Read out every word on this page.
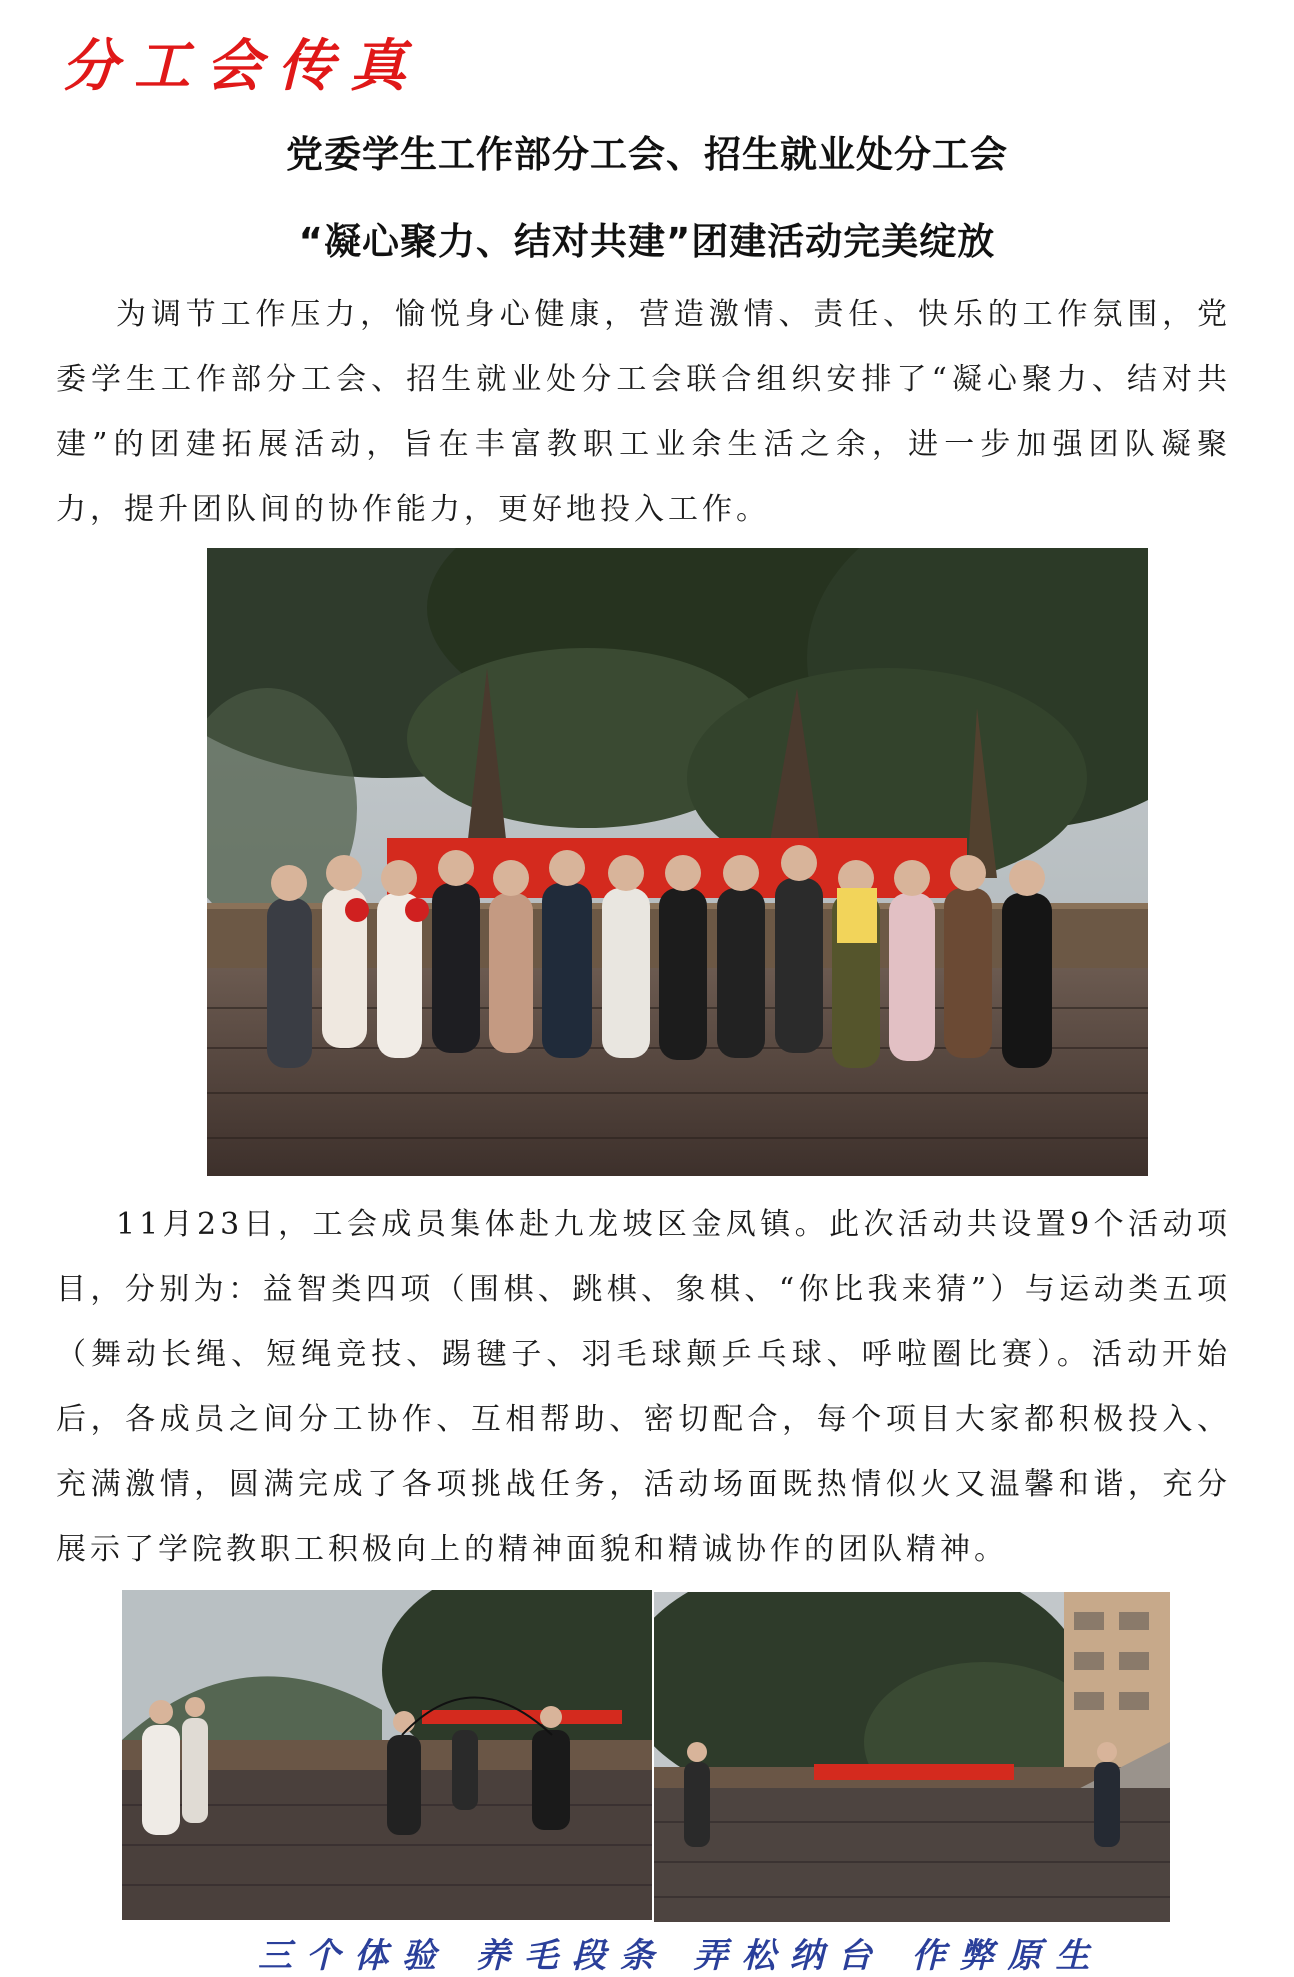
分工会传真
党委学生工作部分工会、招生就业处分工会
“凝心聚力、结对共建”团建活动完美绽放

为调节工作压力，愉悦身心健康，营造激情、责任、快乐的工作氛围，党委学生工作部分工会、招生就业处分工会联合组织安排了“凝心聚力、结对共建”的团建拓展活动，旨在丰富教职工业余生活之余，进一步加强团队凝聚力，提升团队间的协作能力，更好地投入工作。

11月23日，工会成员集体赴九龙坡区金凤镇。此次活动共设置9个活动项目，分别为：益智类四项（围棋、跳棋、象棋、“你比我来猜”）与运动类五项（舞动长绳、短绳竞技、踢毽子、羽毛球颠乒乓球、呼啦圈比赛）。活动开始后，各成员之间分工协作、互相帮助、密切配合，每个项目大家都积极投入、充满激情，圆满完成了各项挑战任务，活动场面既热情似火又温馨和谐，充分展示了学院教职工积极向上的精神面貌和精诚协作的团队精神。

三个体验 养毛段条 弄松纳台 作弊原生
